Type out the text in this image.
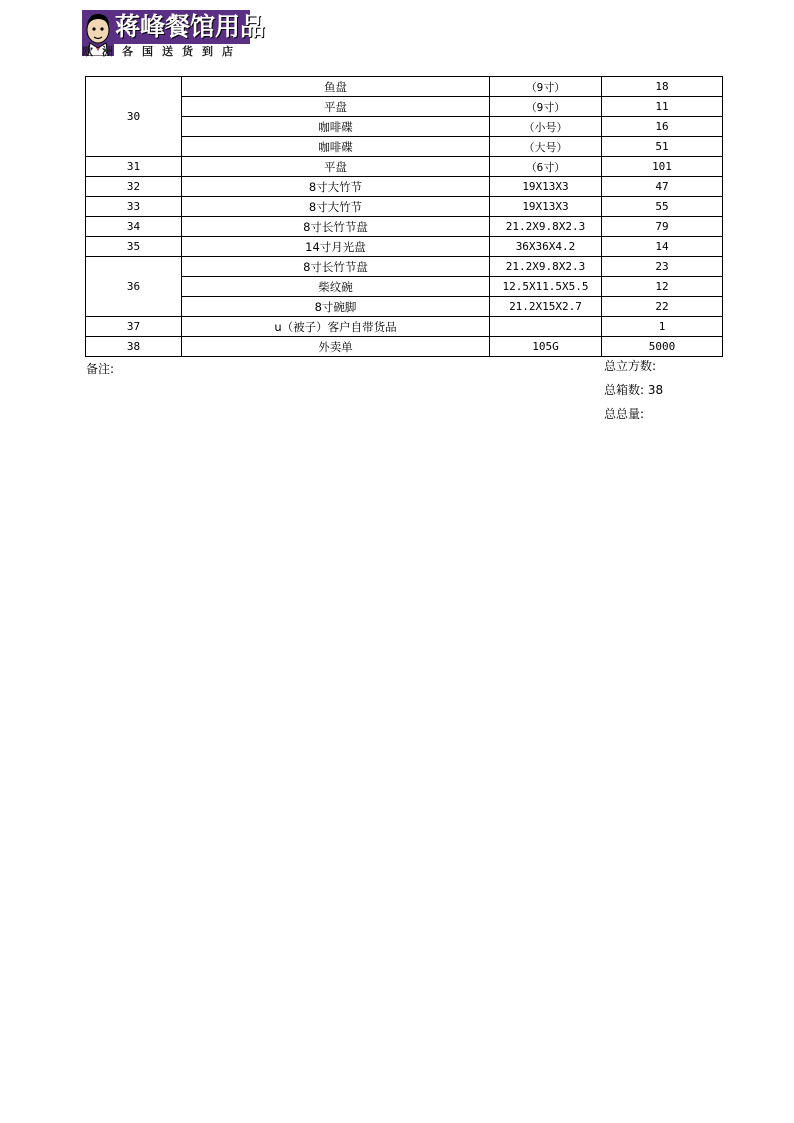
蒋峰餐馆用品
欧洲各国送货到店
30	鱼盘	（9寸）	18
	平盘	（9寸）	11
	咖啡碟	（小号）	16
	咖啡碟	（大号）	51
31	平盘	（6寸）	101
32	8寸大竹节	19X13X3	47
33	8寸大竹节	19X13X3	55
34	8寸长竹节盘	21.2X9.8X2.3	79
35	14寸月光盘	36X36X4.2	14
36	8寸长竹节盘	21.2X9.8X2.3	23
	柴纹碗	12.5X11.5X5.5	12
	8寸碗脚	21.2X15X2.7	22
37	u（被子）客户自带货品		1
38	外卖单	105G	5000
备注:	总立方数:
总箱数: 38
总总量:
